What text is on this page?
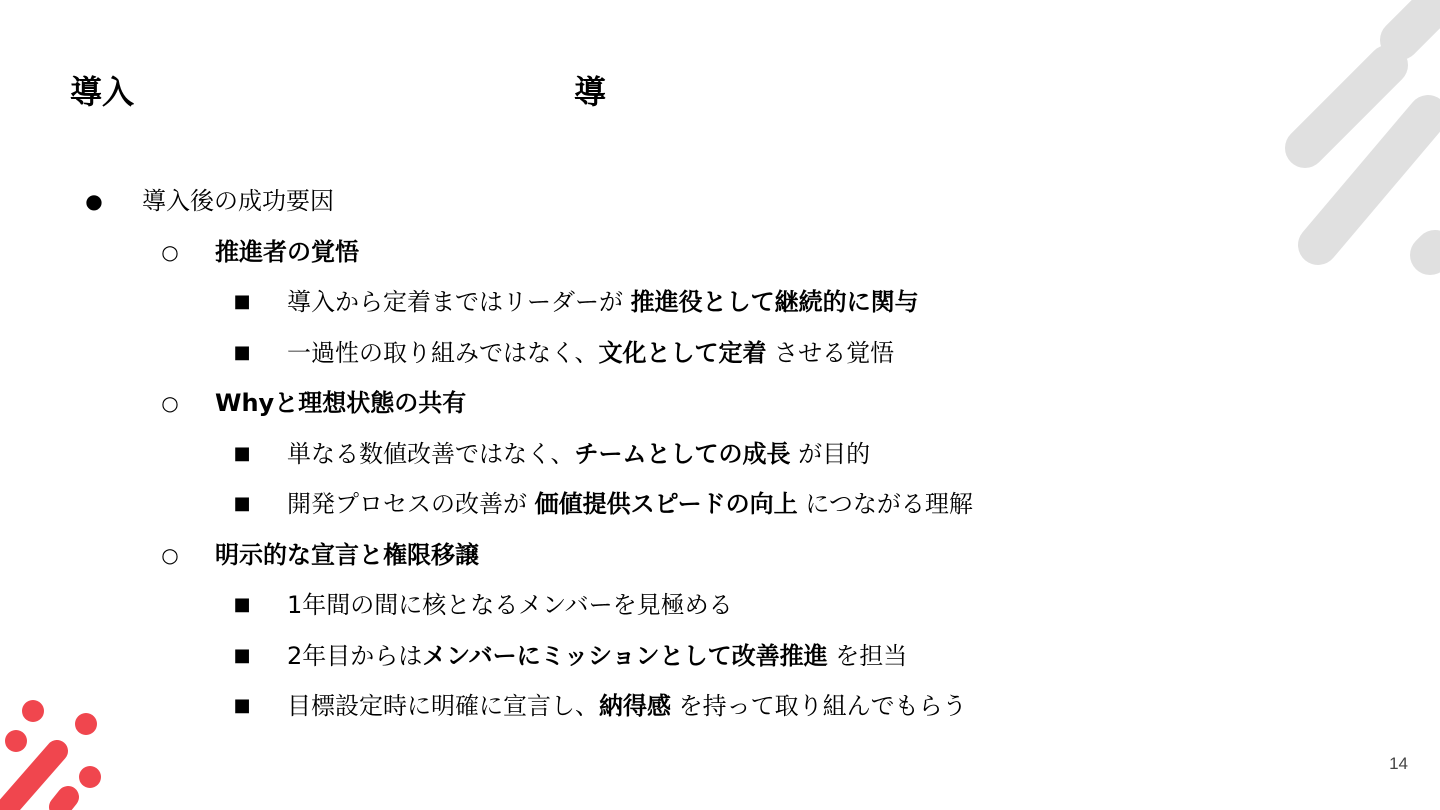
導入	導
● 導入後の成功要因
○ 推進者の覚悟
■ 導入から定着まではリーダーが 推進役として継続的に関与
■ 一過性の取り組みではなく、文化として定着 させる覚悟
○ Whyと理想状態の共有
■ 単なる数値改善ではなく、チームとしての成長 が目的
■ 開発プロセスの改善が 価値提供スピードの向上 につながる理解
○ 明示的な宣言と権限移譲
■ 1年間の間に核となるメンバーを見極める
■ 2年目からはメンバーにミッションとして改善推進 を担当
■ 目標設定時に明確に宣言し、納得感 を持って取り組んでもらう
14
